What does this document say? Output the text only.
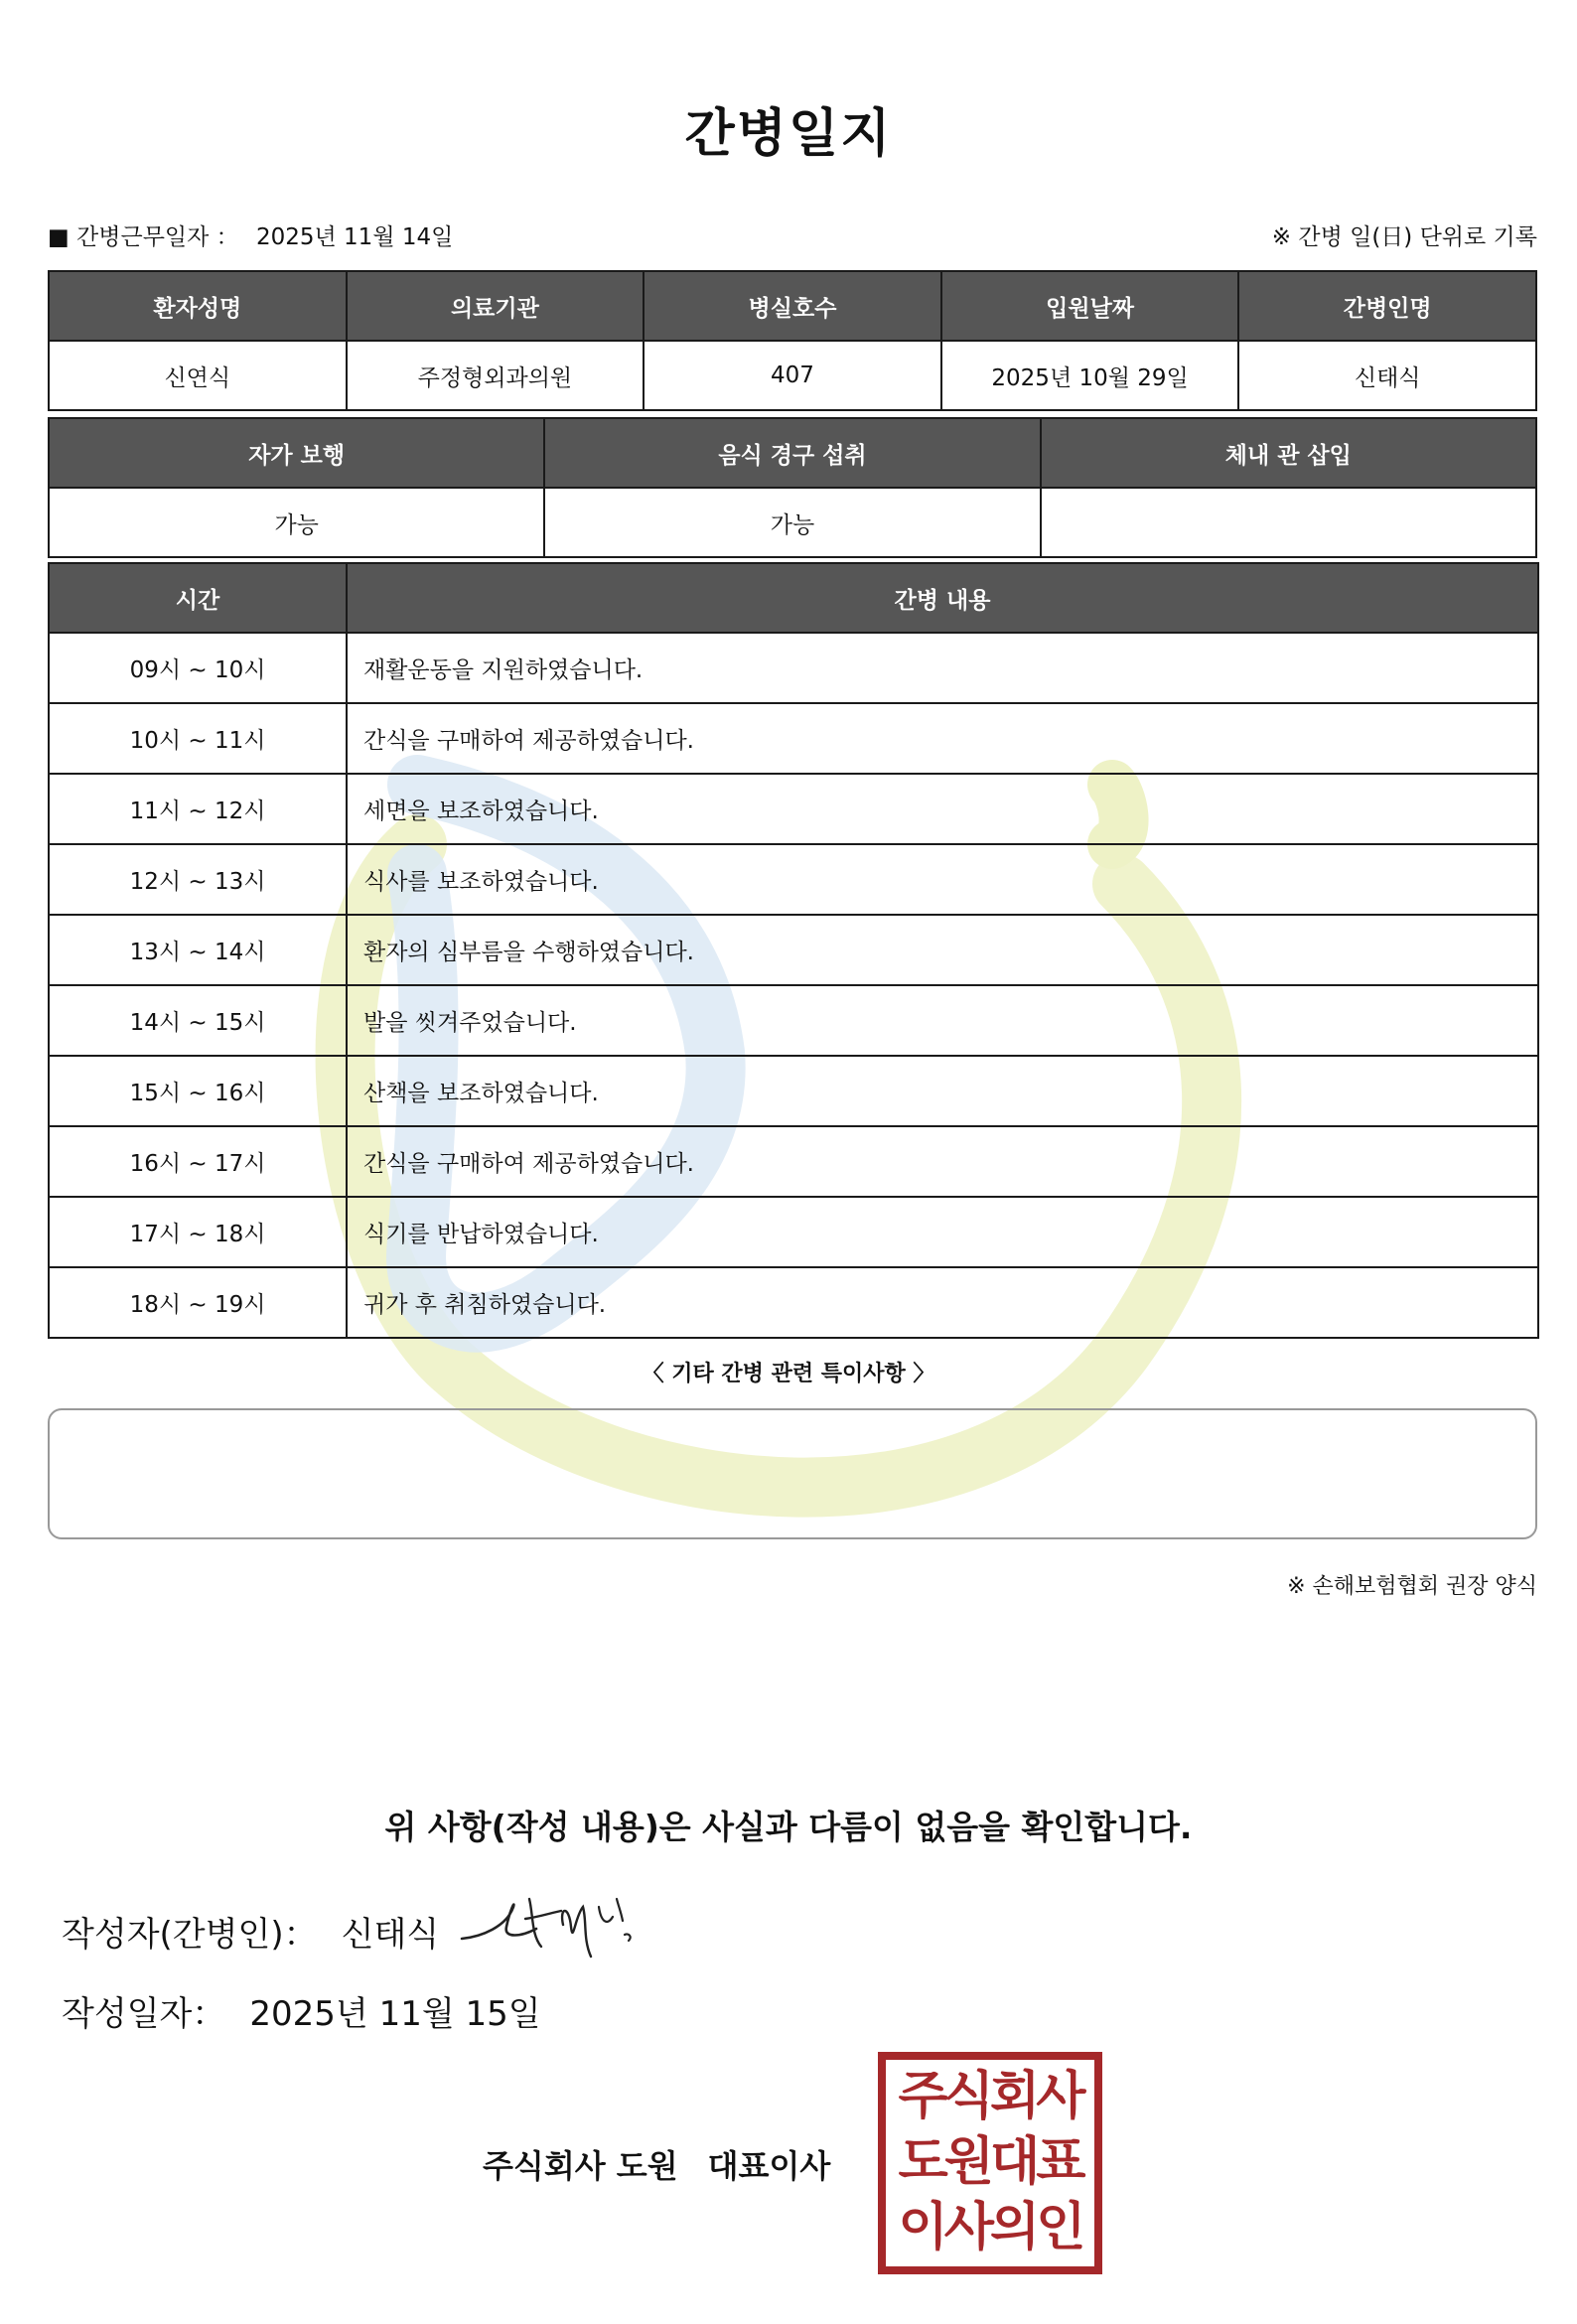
간병일지
■ 간병근무일자 ： 2025년 11월 14일	※ 간병 일(日) 단위로 기록
환자성명	의료기관	병실호수	입원날짜	간병인명
신연식	주정형외과의원	407	2025년 10월 29일	신태식
자가 보행	음식 경구 섭취	체내 관 삽입
가능	가능	
시간	간병 내용
09시 ~ 10시	재활운동을 지원하였습니다.
10시 ~ 11시	간식을 구매하여 제공하였습니다.
11시 ~ 12시	세면을 보조하였습니다.
12시 ~ 13시	식사를 보조하였습니다.
13시 ~ 14시	환자의 심부름을 수행하였습니다.
14시 ~ 15시	발을 씻겨주었습니다.
15시 ~ 16시	산책을 보조하였습니다.
16시 ~ 17시	간식을 구매하여 제공하였습니다.
17시 ~ 18시	식기를 반납하였습니다.
18시 ~ 19시	귀가 후 취침하였습니다.
〈 기타 간병 관련 특이사항 〉
※ 손해보험협회 권장 양식
위 사항(작성 내용)은 사실과 다름이 없음을 확인합니다.
작성자(간병인)： 신태식
작성일자： 2025년 11월 15일
주식회사 도원 대표이사
주식회사
도원대표
이사의인
